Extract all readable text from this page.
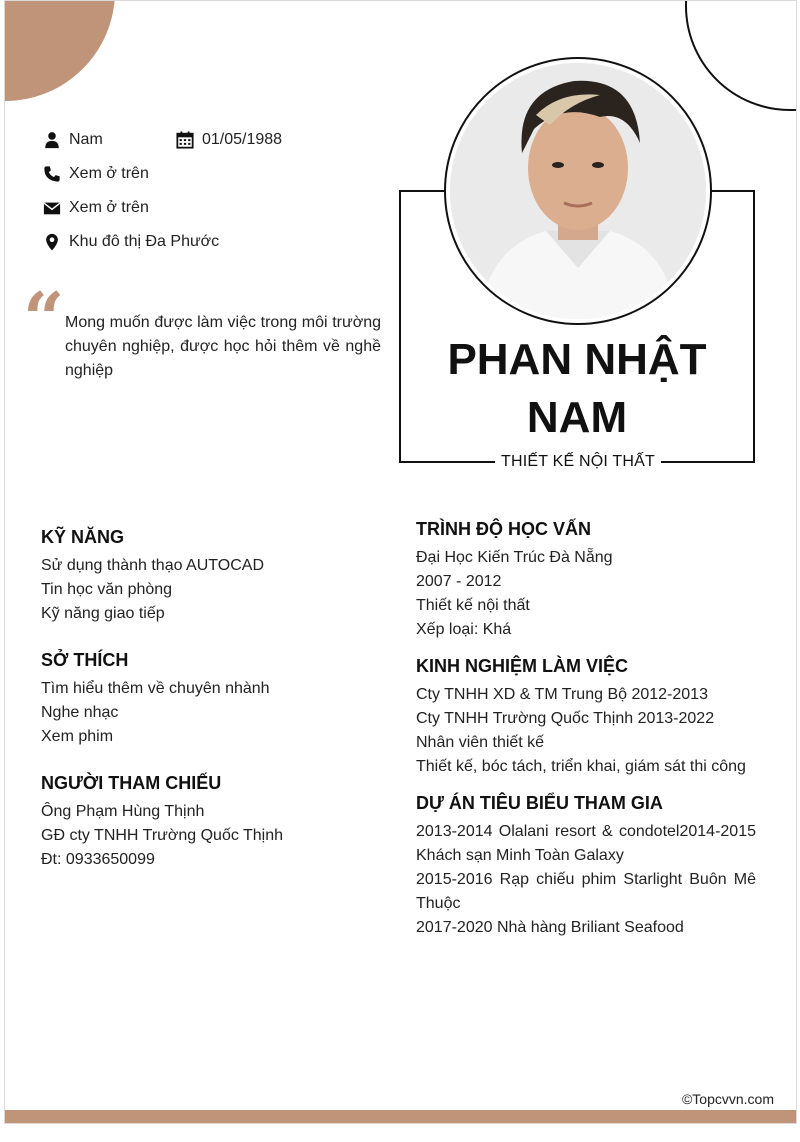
Nam	01/05/1988
Xem ở trên
Xem ở trên
Khu đô thị Đa Phước
“ Mong muốn được làm việc trong môi trường chuyên nghiệp, được học hỏi thêm về nghề nghiệp	PHAN NHẬT
NAM
THIẾT KẾ NỘI THẤT
KỸ NĂNG
Sử dụng thành thạo AUTOCAD
Tin học văn phòng
Kỹ năng giao tiếp
SỞ THÍCH
Tìm hiểu thêm về chuyên nhành
Nghe nhạc
Xem phim
NGƯỜI THAM CHIẾU
Ông Phạm Hùng Thịnh
GĐ cty TNHH Trường Quốc Thịnh
Đt: 0933650099
TRÌNH ĐỘ HỌC VẤN
Đại Học Kiến Trúc Đà Nẵng
2007 - 2012
Thiết kế nội thất
Xếp loại: Khá
KINH NGHIỆM LÀM VIỆC
Cty TNHH XD & TM Trung Bộ 2012-2013
Cty TNHH Trường Quốc Thịnh 2013-2022
Nhân viên thiết kế
Thiết kế, bóc tách, triển khai, giám sát thi công
DỰ ÁN TIÊU BIỂU THAM GIA
2013-2014 Olalani resort & condotel2014-2015 Khách sạn Minh Toàn Galaxy
2015-2016 Rạp chiếu phim Starlight Buôn Mê Thuộc
2017-2020 Nhà hàng Briliant Seafood
©Topcvvn.com
